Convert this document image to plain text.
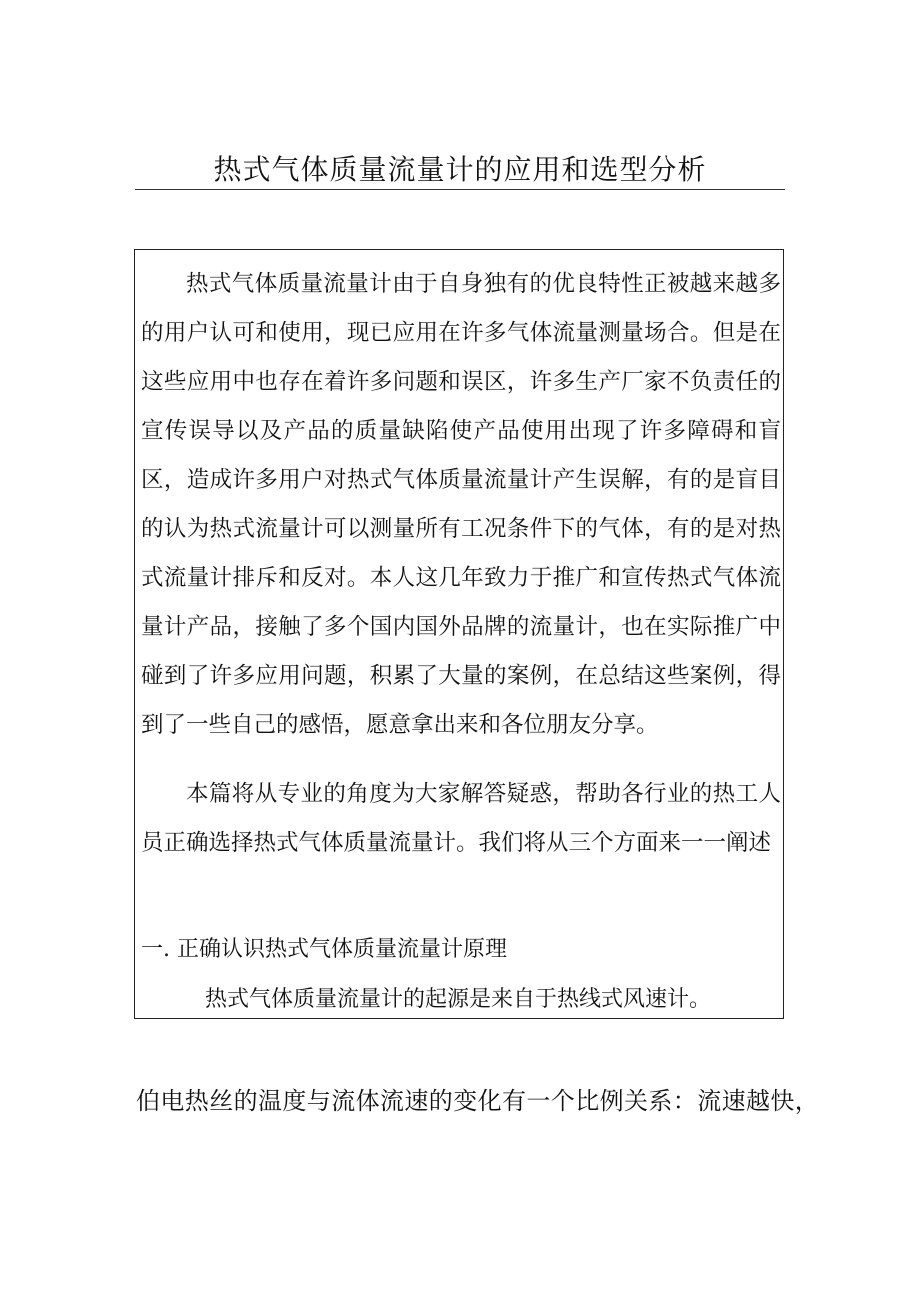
热式气体质量流量计的应用和选型分析

热式气体质量流量计由于自身独有的优良特性正被越来越多的用户认可和使用，现已应用在许多气体流量测量场合。但是在这些应用中也存在着许多问题和误区，许多生产厂家不负责任的宣传误导以及产品的质量缺陷使产品使用出现了许多障碍和盲区，造成许多用户对热式气体质量流量计产生误解，有的是盲目的认为热式流量计可以测量所有工况条件下的气体，有的是对热式流量计排斥和反对。本人这几年致力于推广和宣传热式气体流量计产品，接触了多个国内国外品牌的流量计，也在实际推广中碰到了许多应用问题，积累了大量的案例，在总结这些案例，得到了一些自己的感悟，愿意拿出来和各位朋友分享。

本篇将从专业的角度为大家解答疑惑，帮助各行业的热工人员正确选择热式气体质量流量计。我们将从三个方面来一一阐述

一. 正确认识热式气体质量流量计原理
热式气体质量流量计的起源是来自于热线式风速计。
伯电热丝的温度与流体流速的变化有一个比例关系：流速越快，
